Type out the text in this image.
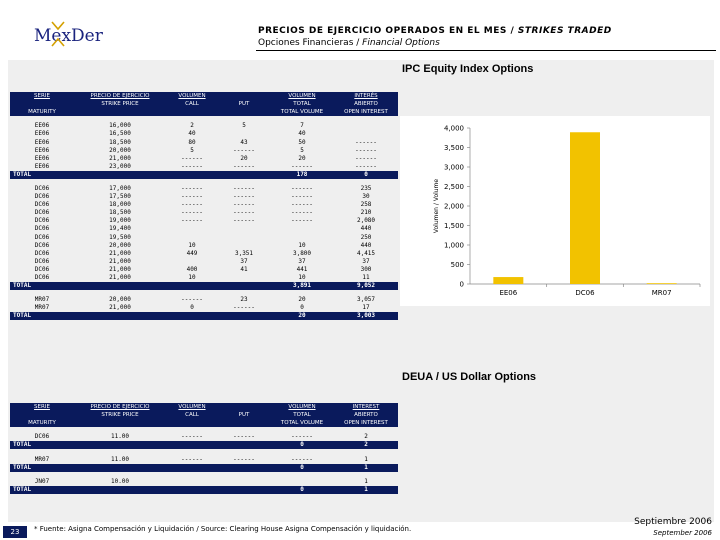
MexDer	PRECIOS DE EJERCICIO OPERADOS EN EL MES / STRIKES TRADED
Opciones Financieras / Financial Options
IPC Equity Index Options
DEUA / US Dollar Options
SERIE	PRECIO DE EJERCICIO	VOLUMEN		VOLUMEN	INTERÉS
	STRIKE PRICE	CALL	PUT	TOTAL	ABIERTO
MATURITY				TOTAL VOLUME	OPEN INTEREST

EE06	16,000	2	5	7	
EE06	16,500	40		40	
EE06	18,500	80	43	50	------
EE06	20,000	5	------	5	------
EE06	21,000	------	20	20	------
EE06	23,000	------	------	------	------
TOTAL				178	0

DC06	17,000	------	------	------	235
DC06	17,500	------	------	------	30
DC06	18,000	------	------	------	258
DC06	18,500	------	------	------	210
DC06	19,000	------	------	------	2,080
DC06	19,400				440
DC06	19,500				250
DC06	20,000	10		10	440
DC06	21,000	449	3,351	3,800	4,415
DC06	21,000		37	37	37
DC06	21,000	400	41	441	300
DC06	21,000	10		10	11
TOTAL				3,891	9,052

MR07	20,000	------	23	20	3,057
MR07	21,000	0	------	0	17
TOTAL				20	3,003
0
500
1,000
1,500
2,000
2,500
3,000
3,500
4,000
Volumen / Volume
EE06	DC06	MR07
SERIE	PRECIO DE EJERCICIO	VOLUMEN		VOLUMEN	INTEREST
	STRIKE PRICE	CALL	PUT	TOTAL	ABIERTO
MATURITY				TOTAL VOLUME	OPEN INTEREST

DC06	11.00	------	------	------	2
TOTAL				0	2

MR07	11.00	------	------	------	1
TOTAL				0	1

JN07	10.00				1
TOTAL				0	1
23	* Fuente: Asigna Compensación y Liquidación / Source: Clearing House Asigna Compensación y liquidación.
Septiembre 2006
September 2006
